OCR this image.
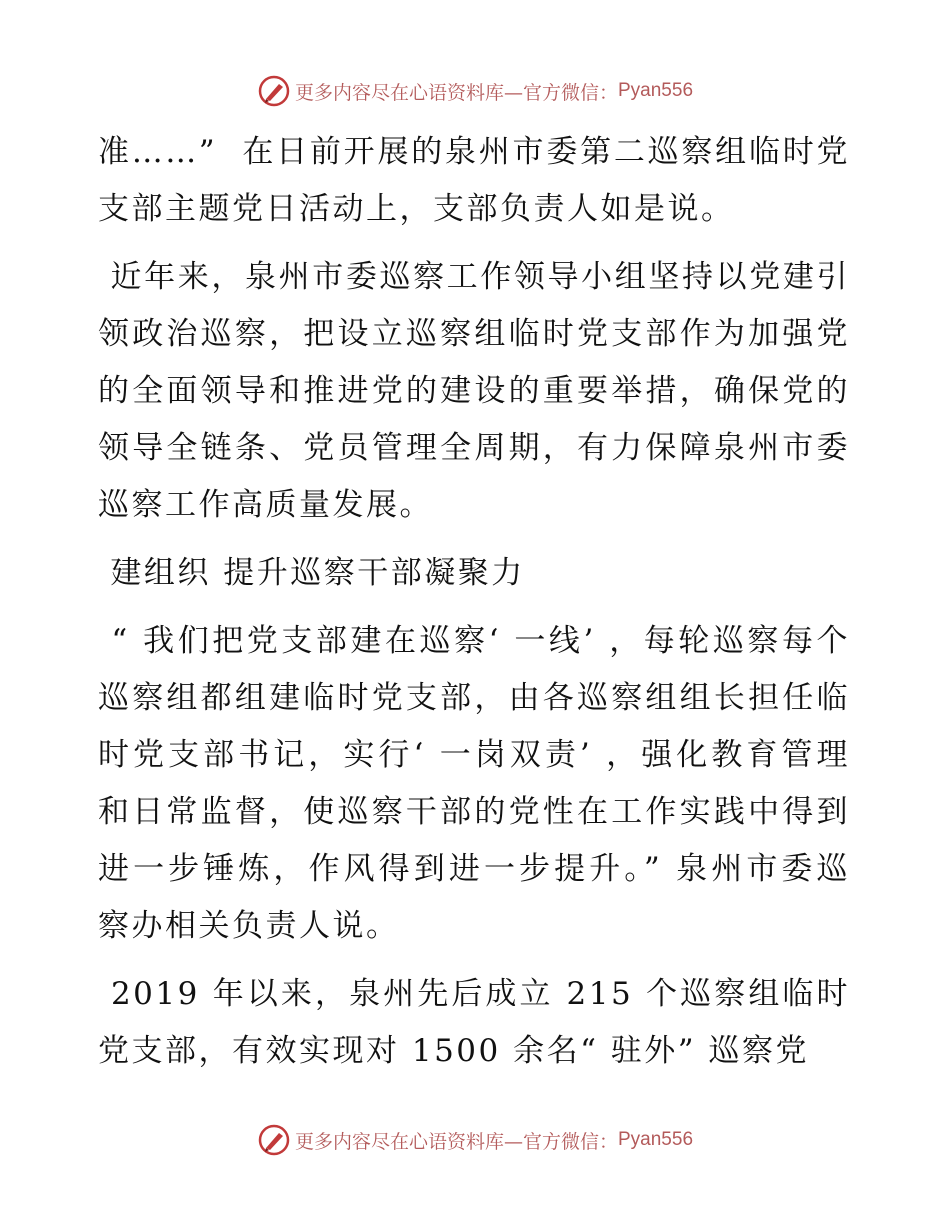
更多内容尽在心语资料库—官方微信： Pyan556

准……”  在日前开展的泉州市委第二巡察组临时党支部主题党日活动上，支部负责人如是说。

近年来，泉州市委巡察工作领导小组坚持以党建引领政治巡察，把设立巡察组临时党支部作为加强党的全面领导和推进党的建设的重要举措，确保党的领导全链条、党员管理全周期，有力保障泉州市委巡察工作高质量发展。

建组织 提升巡察干部凝聚力

“ 我们把党支部建在巡察‘ 一线’ ，每轮巡察每个巡察组都组建临时党支部，由各巡察组组长担任临时党支部书记，实行‘ 一岗双责’ ，强化教育管理和日常监督，使巡察干部的党性在工作实践中得到进一步锤炼，作风得到进一步提升。” 泉州市委巡察办相关负责人说。

2019 年以来，泉州先后成立 215 个巡察组临时党支部，有效实现对 1500 余名“ 驻外” 巡察党

更多内容尽在心语资料库—官方微信： Pyan556
